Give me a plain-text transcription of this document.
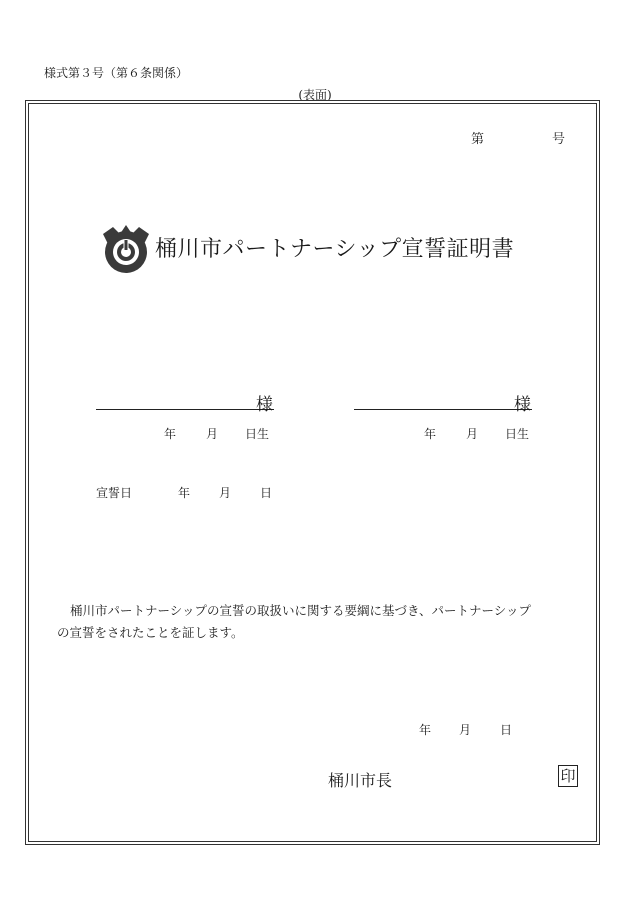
様式第３号（第６条関係）
(表面)
第	号
桶川市パートナーシップ宣誓証明書
様
年 月 日生
様
年 月 日生
宣誓日	年 月 日

桶川市パートナーシップの宣誓の取扱いに関する要綱に基づき、パートナーシップ

の宣誓をされたことを証します。

年 月 日
桶川市長	印
